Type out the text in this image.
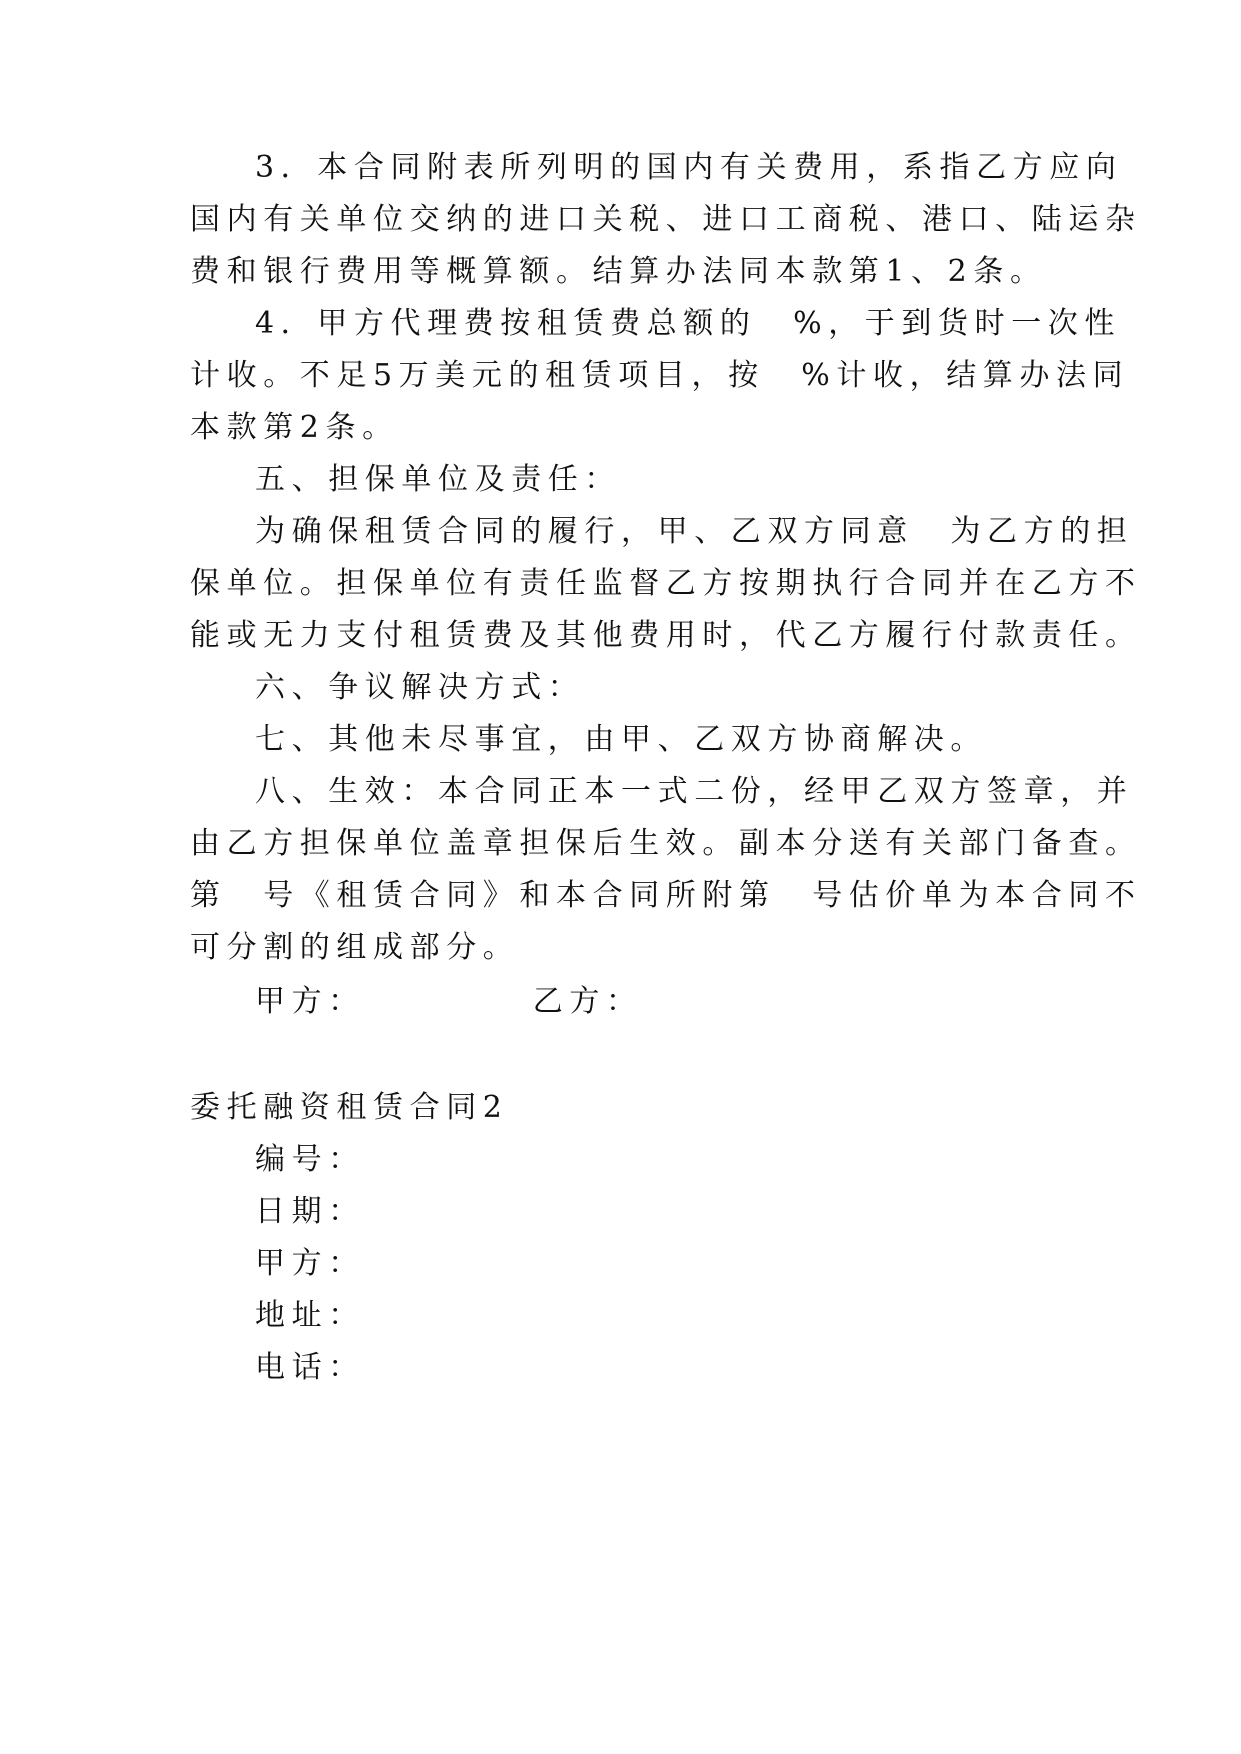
3．本合同附表所列明的国内有关费用，系指乙方应向
国内有关单位交纳的进口关税、进口工商税、港口、陆运杂
费和银行费用等概算额。结算办法同本款第1、2条。
4．甲方代理费按租赁费总额的　%，于到货时一次性
计收。不足5万美元的租赁项目，按　%计收，结算办法同
本款第2条。
五、担保单位及责任：
为确保租赁合同的履行，甲、乙双方同意　为乙方的担
保单位。担保单位有责任监督乙方按期执行合同并在乙方不
能或无力支付租赁费及其他费用时，代乙方履行付款责任。
六、争议解决方式：
七、其他未尽事宜，由甲、乙双方协商解决。
八、生效：本合同正本一式二份，经甲乙双方签章，并
由乙方担保单位盖章担保后生效。副本分送有关部门备查。
第　号《租赁合同》和本合同所附第　号估价单为本合同不
可分割的组成部分。
甲方：　　　　　乙方：
委托融资租赁合同2
编号：
日期：
甲方：
地址：
电话：
